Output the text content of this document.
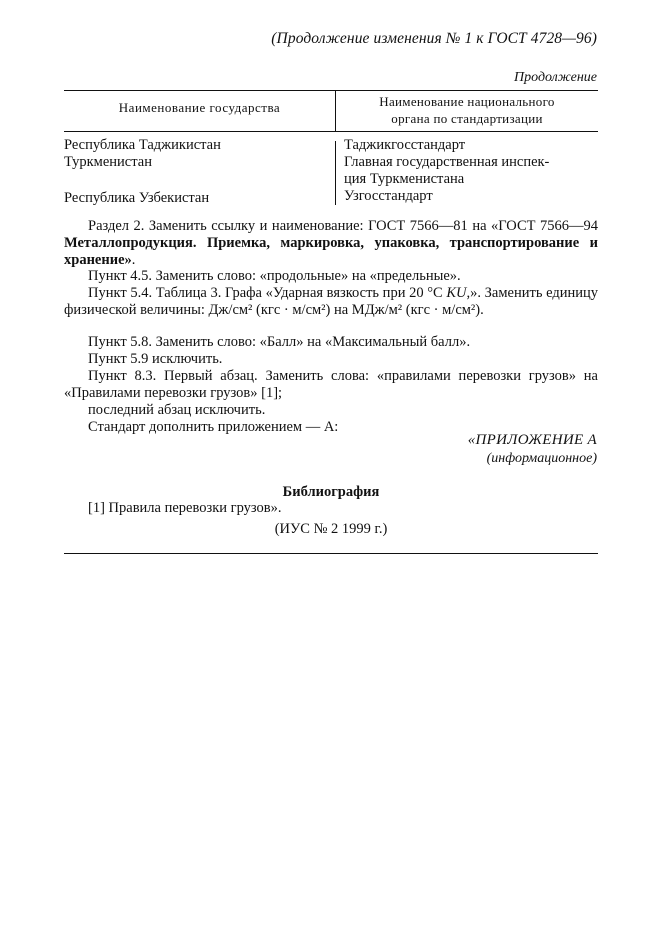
(Продолжение изменения № 1 к ГОСТ 4728—96)
Продолжение
Наименование государства	Наименование национального
органа по стандартизации
Республика Таджикистан	Таджикгосстандарт
Туркменистан	Главная государственная инспек-
ция Туркменистана
Республика Узбекистан	Узгосстандарт
Раздел 2. Заменить ссылку и наименование: ГОСТ 7566—81 на «ГОСТ 7566—94 Металлопродукция. Приемка, маркировка, упаковка, транспортирование и хранение».
Пункт 4.5. Заменить слово: «продольные» на «предельные».
Пункт 5.4. Таблица 3. Графа «Ударная вязкость при 20 °C KU,». Заменить единицу физической величины: Дж/см² (кгс · м/см²) на МДж/м² (кгс · м/см²).
Пункт 5.8. Заменить слово: «Балл» на «Максимальный балл».
Пункт 5.9 исключить.
Пункт 8.3. Первый абзац. Заменить слова: «правилами перевозки грузов» на «Правилами перевозки грузов» [1];
последний абзац исключить.
Стандарт дополнить приложением — А:
«ПРИЛОЖЕНИЕ А
(информационное)
Библиография
[1] Правила перевозки грузов».
(ИУС № 2 1999 г.)
